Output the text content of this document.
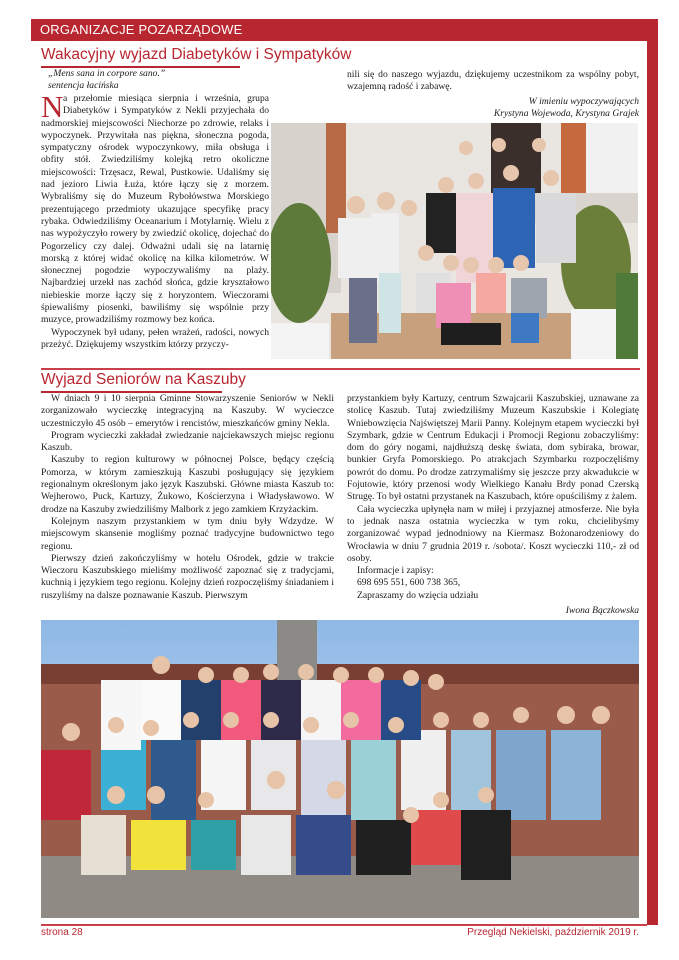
ORGANIZACJE POZARZĄDOWE
Wakacyjny wyjazd Diabetyków i Sympatyków

„Mens sana in corpore sano.”

sentencja łacińska

N a przełomie miesiąca sierpnia i września, grupa Diabetyków i Sympatyków z Nekli przyjechała do nadmorskiej miejscowości Niechorze po zdrowie, relaks i wypoczynek. Przywitała nas piękna, słoneczna pogoda, sympatyczny ośrodek wypoczynkowy, miła obsługa i obfity stół. Zwiedziliśmy kolejką retro okoliczne miejscowości: Trzęsacz, Rewal, Pustkowie. Udaliśmy się nad jezioro Liwia Łuża, które łączy się z morzem. Wybraliśmy się do Muzeum Rybołówstwa Morskiego prezentującego przedmioty ukazujące specyfikę pracy rybaka. Odwiedziliśmy Oceanarium i Motylarnię. Wielu z nas wypożyczyło rowery by zwiedzić okolicę, dojechać do Pogorzelicy czy dalej. Odważni udali się na latarnię morską z której widać okolicę na kilka kilometrów. W słonecznej pogodzie wypoczywaliśmy na plaży. Najbardziej urzekł nas zachód słońca, gdzie kryształowo niebieskie morze łączy się z horyzontem. Wieczorami śpiewaliśmy piosenki, bawiliśmy się wspólnie przy muzyce, prowadziliśmy rozmowy bez końca.

Wypoczynek był udany, pełen wrażeń, radości, nowych przeżyć. Dziękujemy wszystkim którzy przyczy-

nili się do naszego wyjazdu, dziękujemy uczestnikom za wspólny pobyt, wzajemną radość i zabawę.

W imieniu wypoczywających

Krystyna Wojewoda, Krystyna Grajek

Wyjazd Seniorów na Kaszuby

W dniach 9 i 10 sierpnia Gminne Stowarzyszenie Seniorów w Nekli zorganizowało wycieczkę integracyjną na Kaszuby. W wycieczce uczestniczyło 45 osób – emerytów i rencistów, mieszkańców gminy Nekla.

Program wycieczki zakładał zwiedzanie najciekawszych miejsc regionu Kaszub.

Kaszuby to region kulturowy w północnej Polsce, będący częścią Pomorza, w którym zamieszkują Kaszubi posługujący się językiem regionalnym określonym jako język Kaszubski. Główne miasta Kaszub to: Wejherowo, Puck, Kartuzy, Żukowo, Kościerzyna i Władysławowo. W drodze na Kaszuby zwiedziliśmy Malbork z jego zamkiem Krzyżackim.

Kolejnym naszym przystankiem w tym dniu były Wdzydze. W miejscowym skansenie mogliśmy poznać tradycyjne budownictwo tego regionu.

Pierwszy dzień zakończyliśmy w hotelu Ośrodek, gdzie w trakcie Wieczoru Kaszubskiego mieliśmy możliwość zapoznać się z tradycjami, kuchnią i językiem tego regionu. Kolejny dzień rozpoczęliśmy śniadaniem i ruszyliśmy na dalsze poznawanie Kaszub. Pierwszym

przystankiem były Kartuzy, centrum Szwajcarii Kaszubskiej, uznawane za stolicę Kaszub. Tutaj zwiedziliśmy Muzeum Kaszubskie i Kolegiatę Wniebowzięcia Najświętszej Marii Panny. Kolejnym etapem wycieczki był Szymbark, gdzie w Centrum Edukacji i Promocji Regionu zobaczyliśmy: dom do góry nogami, najdłuższą deskę świata, dom sybiraka, browar, bunkier Gryfa Pomorskiego. Po atrakcjach Szymbarku rozpoczęliśmy powrót do domu. Po drodze zatrzymaliśmy się jeszcze przy akwadukcie w Fojutowie, który przenosi wody Wielkiego Kanału Brdy ponad Czerską Strugę. To był ostatni przystanek na Kaszubach, które opuściliśmy z żalem.

Cała wycieczka upłynęła nam w miłej i przyjaznej atmosferze. Nie była to jednak nasza ostatnia wycieczka w tym roku, chcielibyśmy zorganizować wypad jednodniowy na Kiermasz Bożonarodzeniowy do Wrocławia w dniu 7 grudnia 2019 r. /sobota/. Koszt wycieczki 110,- zł od osoby.

Informacje i zapisy:

698 695 551, 600 738 365,

Zapraszamy do wzięcia udziału

Iwona Bączkowska

strona 28	Przegląd Nekielski, październik 2019 r.
